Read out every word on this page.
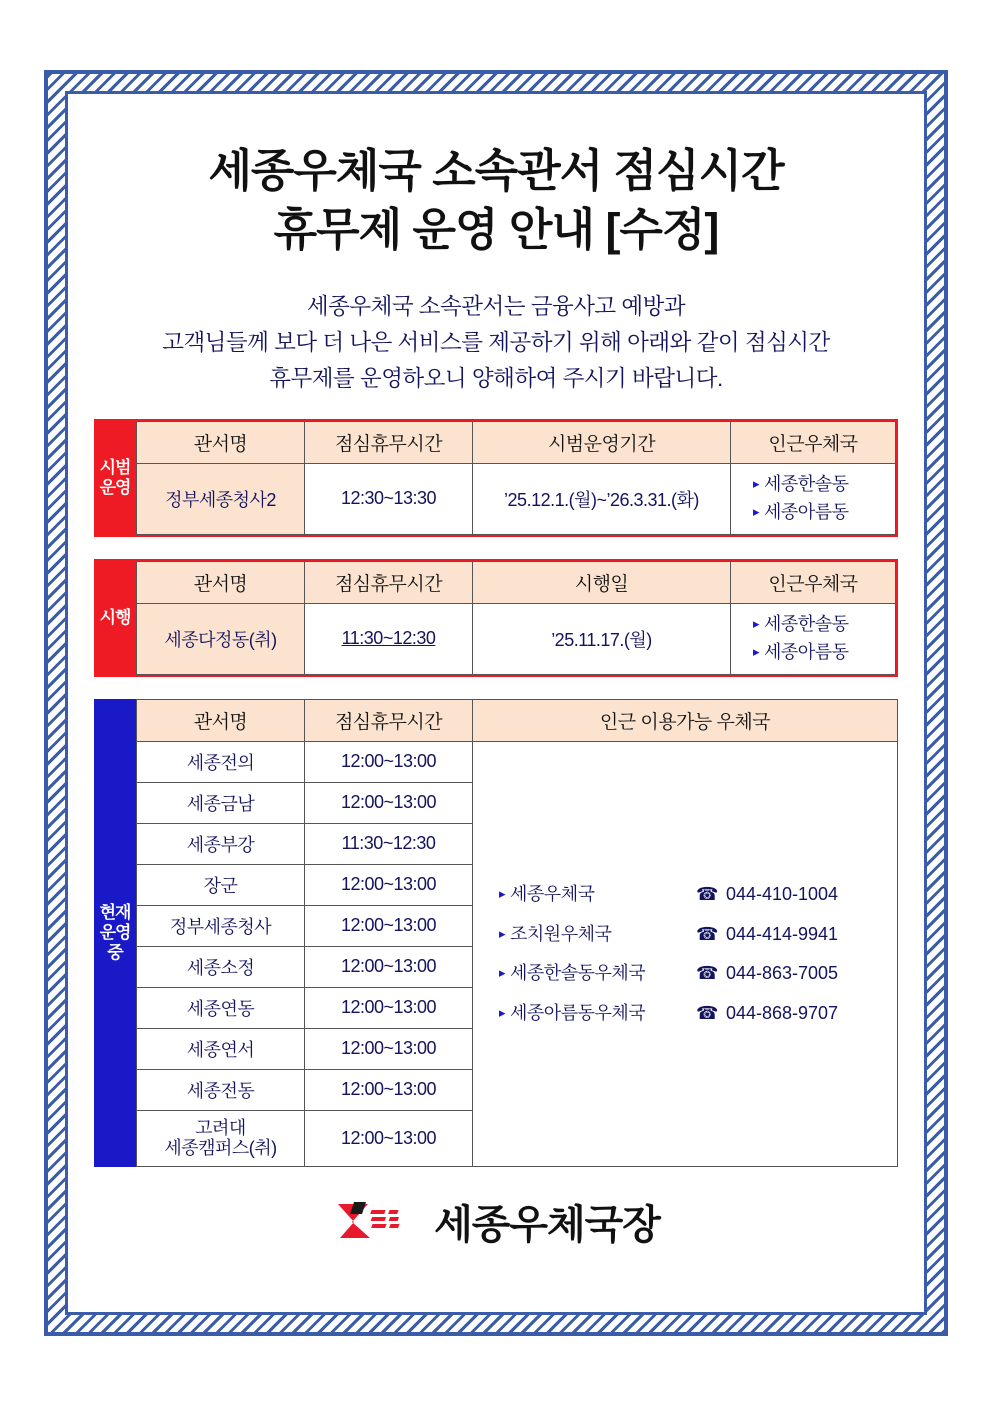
세종우체국 소속관서 점심시간
휴무제 운영 안내 [수정]
세종우체국 소속관서는 금융사고 예방과
고객님들께 보다 더 나은 서비스를 제공하기 위해 아래와 같이 점심시간
휴무제를 운영하오니 양해하여 주시기 바랍니다.
시범운영
관서명	점심휴무시간	시범운영기간	인근우체국
정부세종청사2	12:30~13:30	’25.12.1.(월)~’26.3.31.(화)	▸ 세종한솔동
▸ 세종아름동
시행
관서명	점심휴무시간	시행일	인근우체국
세종다정동(취)	11:30~12:30	’25.11.17.(월)	▸ 세종한솔동
▸ 세종아름동
현재 운영 중
관서명	점심휴무시간	인근 이용가능 우체국
세종전의	12:00~13:00	
▸ 세종우체국	☎ 044-410-1004
▸ 조치원우체국	☎ 044-414-9941
▸ 세종한솔동우체국	☎ 044-863-7005
▸ 세종아름동우체국	☎ 044-868-9707

세종금남	12:00~13:00	
세종부강	11:30~12:30	
장군	12:00~13:00	
정부세종청사	12:00~13:00	
세종소정	12:00~13:00	
세종연동	12:00~13:00	
세종연서	12:00~13:00	
세종전동	12:00~13:00	

고려대
세종캠퍼스(취)	12:00~13:00	
세종우체국장
